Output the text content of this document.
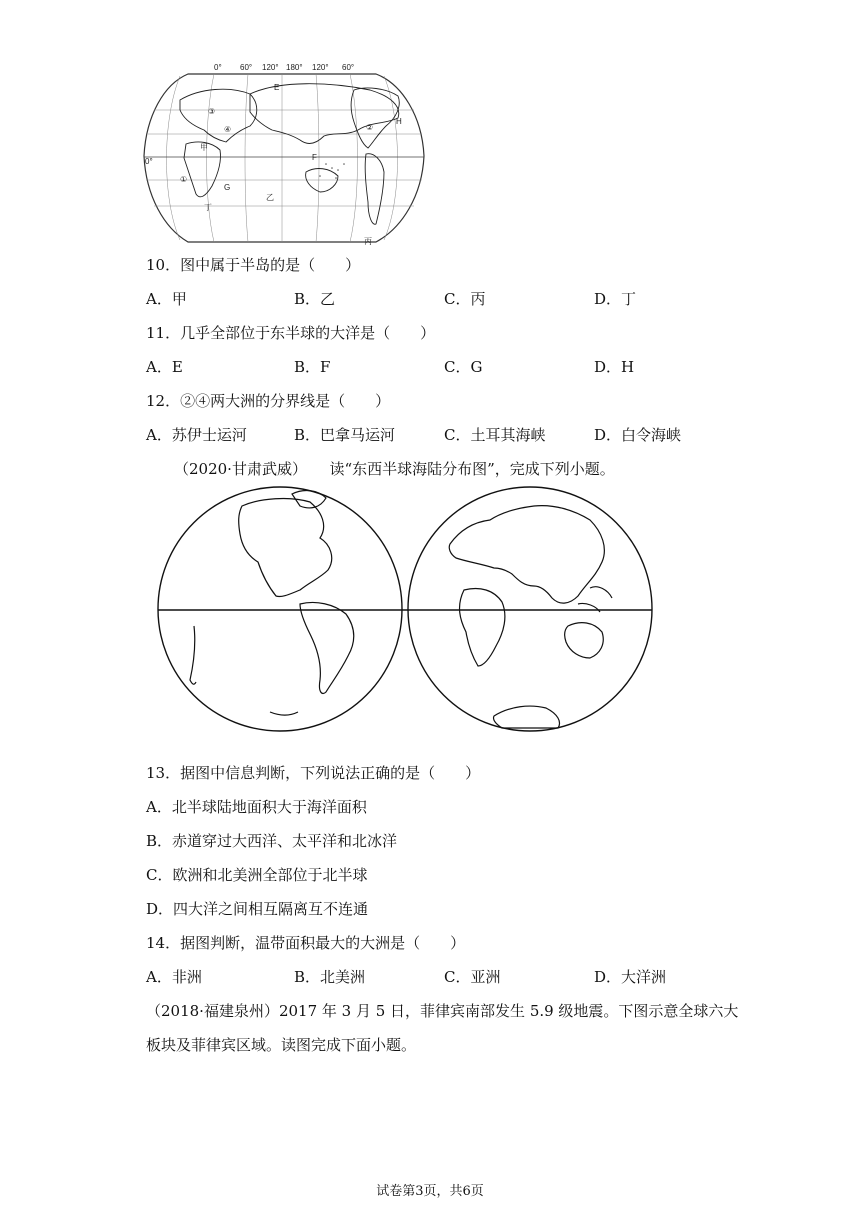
0° 60° 120° 180° 120° 60°
0°
①
②
③
④
甲
乙
丙
丁
E
F
G
H
10．图中属于半岛的是（　　）
A．甲	B．乙	C．丙	D．丁
11．几乎全部位于东半球的大洋是（　　）
A．E	B．F	C．G	D．H
12．②④两大洲的分界线是（　　）
A．苏伊士运河	B．巴拿马运河	C．土耳其海峡	D．白令海峡
（2020·甘肃武威）　　读“东西半球海陆分布图”，完成下列小题。
13．据图中信息判断，下列说法正确的是（　　）
A．北半球陆地面积大于海洋面积
B．赤道穿过大西洋、太平洋和北冰洋
C．欧洲和北美洲全部位于北半球
D．四大洋之间相互隔离互不连通
14．据图判断，温带面积最大的大洲是（　　）
A．非洲	B．北美洲	C．亚洲	D．大洋洲
（2018·福建泉州）2017 年 3 月 5 日，菲律宾南部发生 5.9 级地震。下图示意全球六大
板块及菲律宾区域。读图完成下面小题。
试卷第3页，共6页
